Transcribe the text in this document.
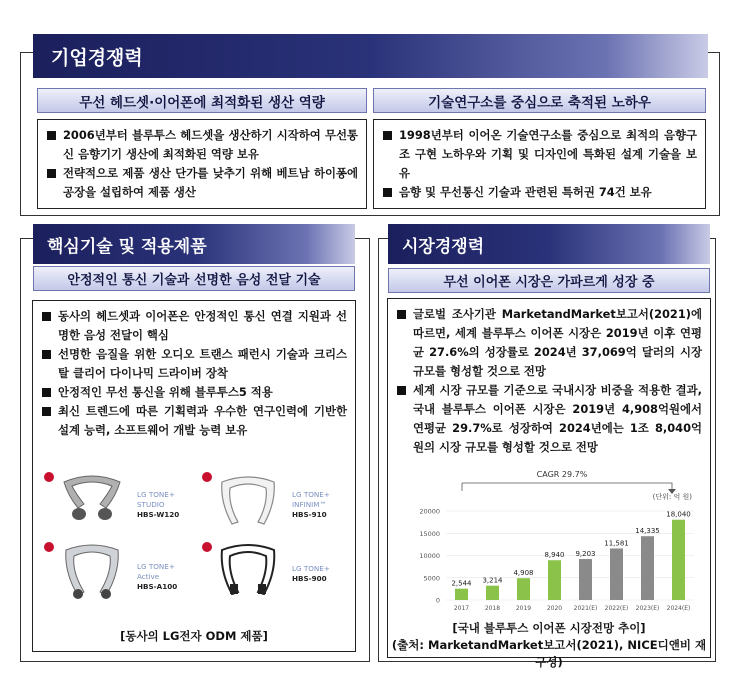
기업경쟁력
무선 헤드셋·이어폰에 최적화된 생산 역량
2006년부터 블루투스 헤드셋을 생산하기 시작하여 무선통신 음향기기 생산에 최적화된 역량 보유
전략적으로 제품 생산 단가를 낮추기 위해 베트남 하이퐁에 공장을 설립하여 제품 생산
기술연구소를 중심으로 축적된 노하우
1998년부터 이어온 기술연구소를 중심으로 최적의 음향구조 구현 노하우와 기획 및 디자인에 특화된 설계 기술을 보유
음향 및 무선통신 기술과 관련된 특허권 74건 보유
핵심기술 및 적용제품
안정적인 통신 기술과 선명한 음성 전달 기술
동사의 헤드셋과 이어폰은 안정적인 통신 연결 지원과 선명한 음성 전달이 핵심
선명한 음질을 위한 오디오 트랜스 패런시 기술과 크리스탈 클리어 다이나믹 드라이버 장착
안정적인 무선 통신을 위해 블루투스5 적용
최신 트렌드에 따른 기획력과 우수한 연구인력에 기반한 설계 능력, 소프트웨어 개발 능력 보유
LG TONE+ STUDIO
HBS-W120
LG TONE+ INFINIM™
HBS-910
LG TONE+ Active
HBS-A100
LG TONE+
HBS-900
[동사의 LG전자 ODM 제품]
시장경쟁력
무선 이어폰 시장은 가파르게 성장 중
글로벌 조사기관 MarketandMarket보고서(2021)에 따르면, 세계 블루투스 이어폰 시장은 2019년 이후 연평균 27.6%의 성장률로 2024년 37,069억 달러의 시장 규모를 형성할 것으로 전망
세계 시장 규모를 기준으로 국내시장 비중을 적용한 결과, 국내 블루투스 이어폰 시장은 2019년 4,908억원에서 연평균 29.7%로 성장하여 2024년에는 1조 8,040억 원의 시장 규모를 형성할 것으로 전망
CAGR 29.7%
(단위: 억 원)
0
5000
10000
15000
20000
2,544
2017
3,214
2018
4,908
2019
8,940
2020
9,203
2021(E)
11,581
2022(E)
14,335
2023(E)
18,040
2024(E)
[국내 블루투스 이어폰 시장전망 추이]
(출처: MarketandMarket보고서(2021), NICE디앤비 재구성)
